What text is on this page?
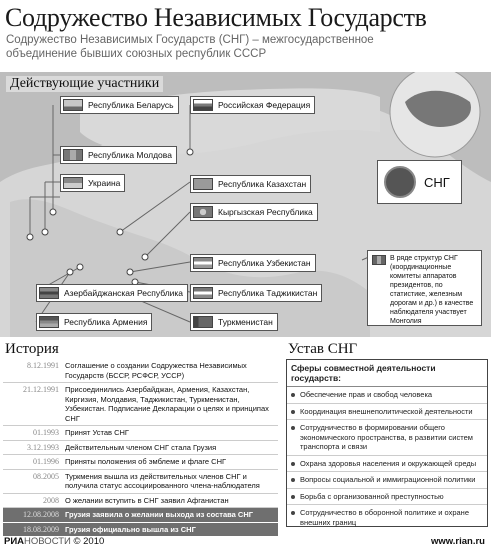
Содружество Независимых Государств
Содружество Независимых Государств (СНГ) – межгосударственное объединение бывших союзных республик СССР
Действующие участники
Республика Беларусь	Российская Федерация
Республика Молдова
Украина	Республика Казахстан
Кыргызская Республика
Республика Узбекистан
Азербайджанская Республика	Республика Таджикистан
Туркменистан
Республика Армения
СНГ
В ряде структур СНГ (координационные комитеты аппаратов президентов, по статистике, железным дорогам и др.) в качестве наблюдателя участвует Монголия
История
8.12.1991 Соглашение о создании Содружества Независимых Государств (БССР, РСФСР, УССР)
21.12.1991 Присоединились Азербайджан, Армения, Казахстан, Киргизия, Молдавия, Таджикистан, Туркменистан, Узбекистан. Подписание Декларации о целях и принципах СНГ
01.1993 Принят Устав СНГ
3.12.1993 Действительным членом СНГ стала Грузия
01.1996 Приняты положения об эмблеме и флаге СНГ
08.2005 Туркмения вышла из действительных членов СНГ и получила статус ассоциированного члена-наблюдателя
2008 О желании вступить в СНГ заявил Афганистан
12.08.2008 Грузия заявила о желании выхода из состава СНГ
18.08.2009 Грузия официально вышла из СНГ
Устав СНГ
Сферы совместной деятельности государств:
Обеспечение прав и свобод человека
Координация внешнеполитической деятельности
Сотрудничество в формировании общего экономического пространства, в развитии систем транспорта и связи
Охрана здоровья населения и окружающей среды
Вопросы социальной и иммиграционной политики
Борьба с организованной преступностью
Сотрудничество в оборонной политике и охране внешних границ
РИАНОВОСТИ © 2010	www.rian.ru
